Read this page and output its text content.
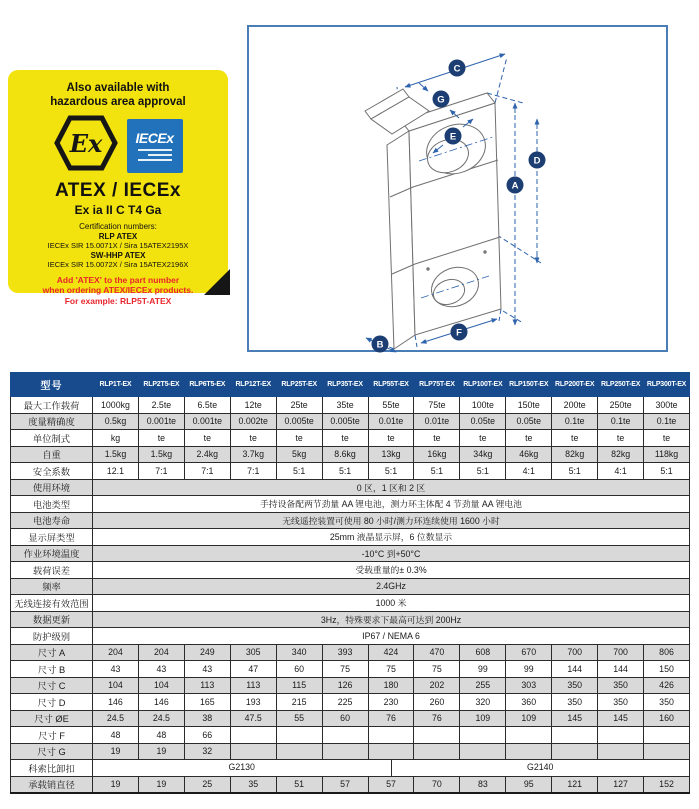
Also available with
hazardous area approval
Ex IECEx
ATEX / IECEx
Ex ia II C T4 Ga
Certification numbers:
RLP ATEX
IECEx SIR 15.0071X / Sira 15ATEX2195X
SW-HHP ATEX
IECEx SIR 15.0072X / Sira 15ATEX2196X
Add 'ATEX' to the part number
when ordering ATEX/IECEx products.
For example: RLP5T-ATEX
C
G
E
D
A
B
F
型号	RLP1T-EX	RLP2T5-EX	RLP6T5-EX	RLP12T-EX	RLP25T-EX	RLP35T-EX	RLP55T-EX	RLP75T-EX	RLP100T-EX	RLP150T-EX	RLP200T-EX	RLP250T-EX	RLP300T-EX
最大工作载荷	1000kg	2.5te	6.5te	12te	25te	35te	55te	75te	100te	150te	200te	250te	300te
度量精确度	0.5kg	0.001te	0.001te	0.002te	0.005te	0.005te	0.01te	0.01te	0.05te	0.05te	0.1te	0.1te	0.1te
单位制式	kg	te	te	te	te	te	te	te	te	te	te	te	te
自重	1.5kg	1.5kg	2.4kg	3.7kg	5kg	8.6kg	13kg	16kg	34kg	46kg	82kg	82kg	118kg
安全系数	12.1	7:1	7:1	7:1	5:1	5:1	5:1	5:1	5:1	4:1	5:1	4:1	5:1
使用环境	0 区，1 区和 2 区												
电池类型	手持设备配两节劲量 AA 锂电池，测力环主体配 4 节劲量 AA 锂电池												
电池寿命	无线遥控装置可使用 80 小时/测力环连续使用 1600 小时												
显示屏类型	25mm 液晶显示屏，6 位数显示												
作业环境温度	-10°C 到+50°C												
载荷误差	受载重量的± 0.3%												
频率	2.4GHz												
无线连接有效范围	1000 米												
数据更新	3Hz，特殊要求下最高可达到 200Hz												
防护级别	IP67 / NEMA 6												
尺寸 A	204	204	249	305	340	393	424	470	608	670	700	700	806
尺寸 B	43	43	43	47	60	75	75	75	99	99	144	144	150
尺寸 C	104	104	113	113	115	126	180	202	255	303	350	350	426
尺寸 D	146	146	165	193	215	225	230	260	320	360	350	350	350
尺寸 ØE	24.5	24.5	38	47.5	55	60	76	76	109	109	145	145	160
尺寸 F	48	48	66										
尺寸 G	19	19	32										
科索比卸扣	G2130 G2140												

承载销直径	19	19	25	35	51	57	57	70	83	95	121	127	152
